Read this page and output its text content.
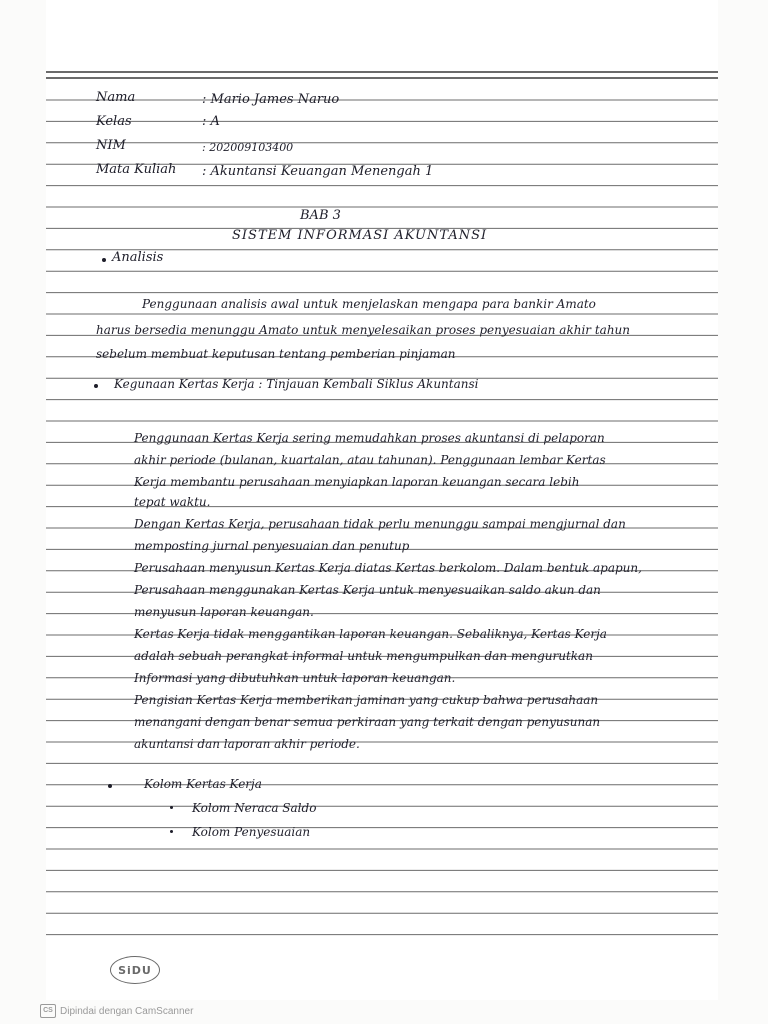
Nama	: Mario James Naruo
Kelas	: A
NIM	: 202009103400
Mata Kuliah : Akuntansi Keuangan Menengah 1
BAB 3
SISTEM INFORMASI AKUNTANSI
Analisis
Penggunaan analisis awal untuk menjelaskan mengapa para bankir Amato
harus bersedia menunggu Amato untuk menyelesaikan proses penyesuaian akhir tahun
sebelum membuat keputusan tentang pemberian pinjaman
Kegunaan Kertas Kerja : Tinjauan Kembali Siklus Akuntansi
Penggunaan Kertas Kerja sering memudahkan proses akuntansi di pelaporan
akhir periode (bulanan, kuartalan, atau tahunan). Penggunaan lembar Kertas
Kerja membantu perusahaan menyiapkan laporan keuangan secara lebih
tepat waktu.
Dengan Kertas Kerja, perusahaan tidak perlu menunggu sampai mengjurnal dan
memposting jurnal penyesuaian dan penutup
Perusahaan menyusun Kertas Kerja diatas Kertas berkolom. Dalam bentuk apapun,
Perusahaan menggunakan Kertas Kerja untuk menyesuaikan saldo akun dan
menyusun laporan keuangan.
Kertas Kerja tidak menggantikan laporan keuangan. Sebaliknya, Kertas Kerja
adalah sebuah perangkat informal untuk mengumpulkan dan mengurutkan
Informasi yang dibutuhkan untuk laporan keuangan.
Pengisian Kertas Kerja memberikan jaminan yang cukup bahwa perusahaan
menangani dengan benar semua perkiraan yang terkait dengan penyusunan
akuntansi dan laporan akhir periode.
Kolom Kertas Kerja
Kolom Neraca Saldo
Kolom Penyesuaian
SiDU
CS Dipindai dengan CamScanner
